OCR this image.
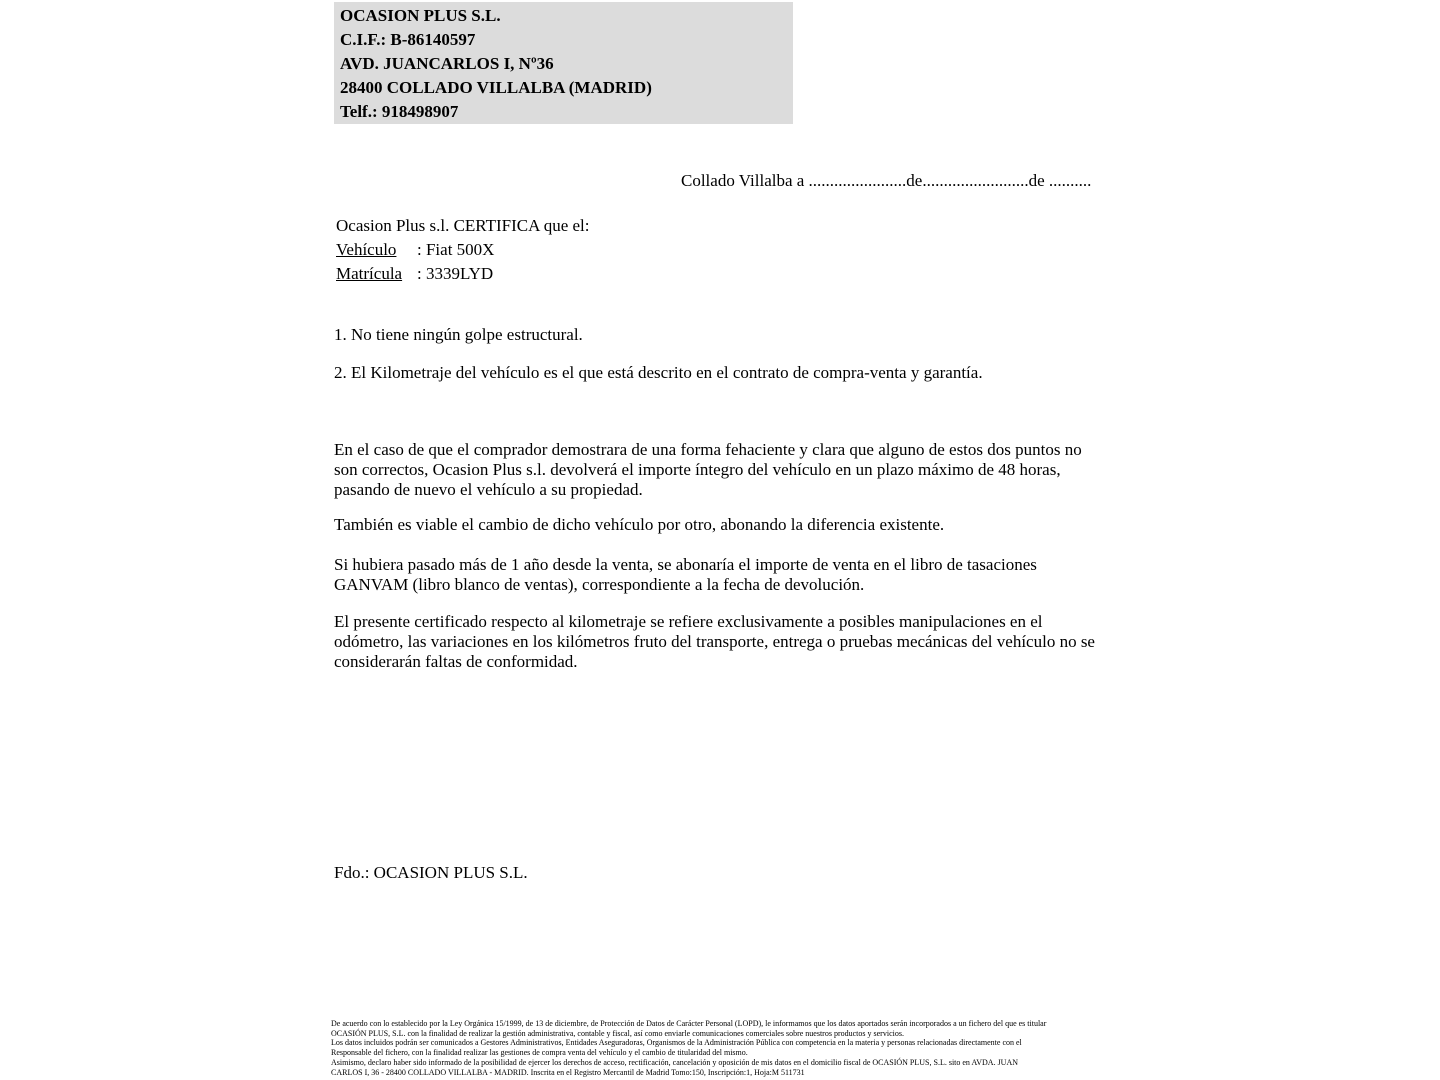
OCASION PLUS S.L.
C.I.F.: B-86140597
AVD. JUANCARLOS I, Nº36
28400 COLLADO VILLALBA (MADRID)
Telf.: 918498907
Collado Villalba a .......................de.........................de ..........
Ocasion Plus s.l. CERTIFICA que el:
Vehículo : Fiat 500X
Matrícula : 3339LYD
1. No tiene ningún golpe estructural.
2. El Kilometraje del vehículo es el que está descrito en el contrato de compra-venta y garantía.
En el caso de que el comprador demostrara de una forma fehaciente y clara que alguno de estos dos puntos no son correctos, Ocasion Plus s.l. devolverá el importe íntegro del vehículo en un plazo máximo de 48 horas, pasando de nuevo el vehículo a su propiedad.
También es viable el cambio de dicho vehículo por otro, abonando la diferencia existente.
Si hubiera pasado más de 1 año desde la venta, se abonaría el importe de venta en el libro de tasaciones GANVAM (libro blanco de ventas), correspondiente a la fecha de devolución.
El presente certificado respecto al kilometraje se refiere exclusivamente a posibles manipulaciones en el odómetro, las variaciones en los kilómetros fruto del transporte, entrega o pruebas mecánicas del vehículo no se considerarán faltas de conformidad.
Fdo.: OCASION PLUS S.L.
De acuerdo con lo establecido por la Ley Orgánica 15/1999, de 13 de diciembre, de Protección de Datos de Carácter Personal (LOPD), le informamos que los datos aportados serán incorporados a un fichero del que es titular
OCASIÓN PLUS, S.L. con la finalidad de realizar la gestión administrativa, contable y fiscal, así como enviarle comunicaciones comerciales sobre nuestros productos y servicios.
Los datos incluidos podrán ser comunicados a Gestores Administrativos, Entidades Aseguradoras, Organismos de la Administración Pública con competencia en la materia y personas relacionadas directamente con el
Responsable del fichero, con la finalidad realizar las gestiones de compra venta del vehículo y el cambio de titularidad del mismo.
Asimismo, declaro haber sido informado de la posibilidad de ejercer los derechos de acceso, rectificación, cancelación y oposición de mis datos en el domicilio fiscal de OCASIÓN PLUS, S.L. sito en AVDA. JUAN
CARLOS I, 36 - 28400 COLLADO VILLALBA - MADRID. Inscrita en el Registro Mercantil de Madrid Tomo:150, Inscripción:1, Hoja:M 511731
